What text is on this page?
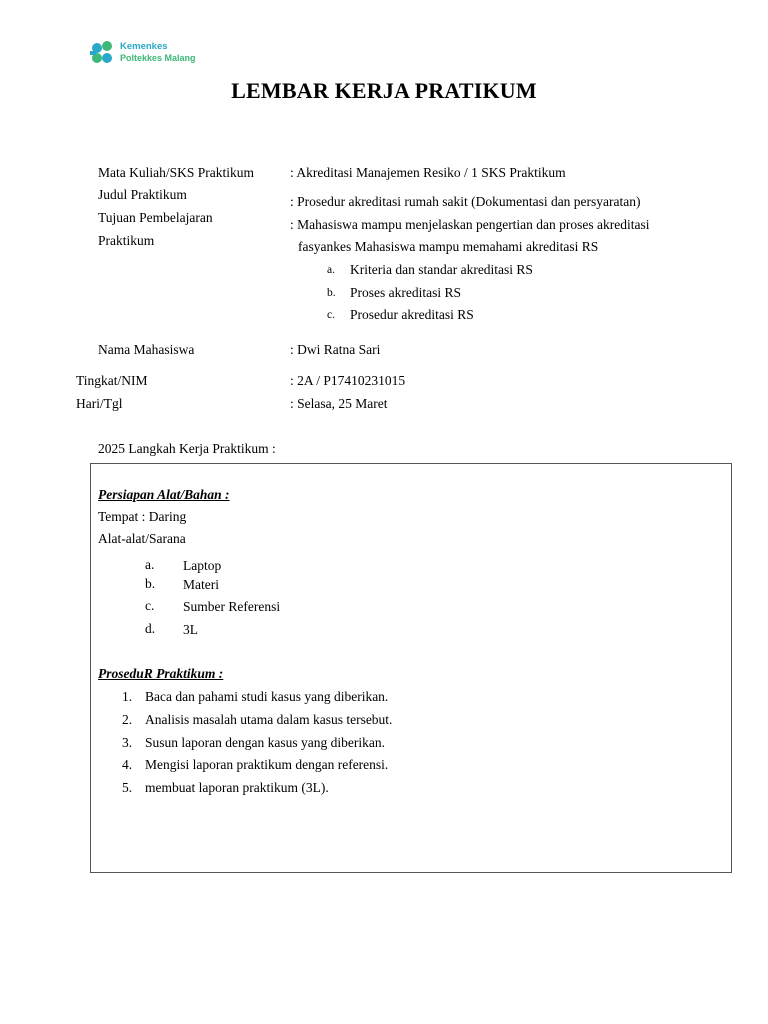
Kemenkes
Poltekkes Malang
LEMBAR KERJA PRATIKUM
Mata Kuliah/SKS Praktikum	: Akreditasi Manajemen Resiko / 1 SKS Praktikum
Judul Praktikum	: Prosedur akreditasi rumah sakit (Dokumentasi dan persyaratan)
Tujuan Pembelajaran
Praktikum
: Mahasiswa mampu menjelaskan pengertian dan proses akreditasi
fasyankes Mahasiswa mampu memahami akreditasi RS
a. Kriteria dan standar akreditasi RS
b. Proses akreditasi RS
c. Prosedur akreditasi RS
Nama Mahasiswa	: Dwi Ratna Sari
Tingkat/NIM	: 2A / P17410231015
Hari/Tgl	: Selasa, 25 Maret
2025 Langkah Kerja Praktikum :
Persiapan Alat/Bahan :
Tempat : Daring
Alat-alat/Sarana
a. Laptop
b. Materi
c. Sumber Referensi
d. 3L
ProseduR Praktikum :
1. Baca dan pahami studi kasus yang diberikan.
2. Analisis masalah utama dalam kasus tersebut.
3. Susun laporan dengan kasus yang diberikan.
4. Mengisi laporan praktikum dengan referensi.
5. membuat laporan praktikum (3L).
